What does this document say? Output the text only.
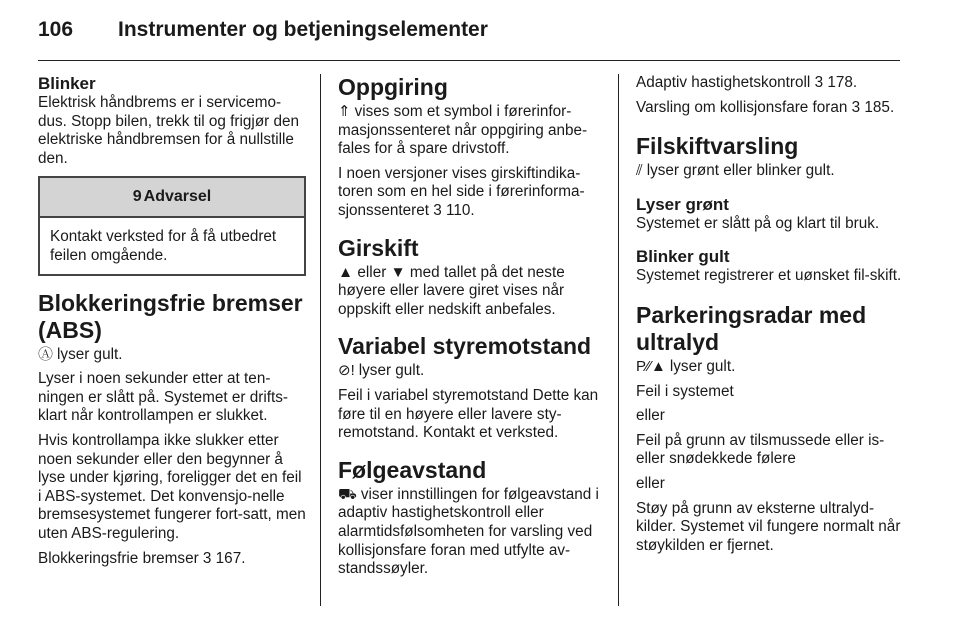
106 Instrumenter og betjeningselementer
Blinker

Elektrisk håndbrems er i servicemo-dus. Stopp bilen, trekk til og frigjør den elektriske håndbremsen for å nullstille den.

9 Advarsel

Kontakt verksted for å få utbedret feilen omgående.

Blokkeringsfrie bremser (ABS)

Ⓐ lyser gult.

Lyser i noen sekunder etter at ten-ningen er slått på. Systemet er drifts-klart når kontrollampen er slukket.

Hvis kontrollampa ikke slukker etter noen sekunder eller den begynner å lyse under kjøring, foreligger det en feil i ABS-systemet. Det konvensjo-nelle bremsesystemet fungerer fort-satt, men uten ABS-regulering.

Blokkeringsfrie bremser 3 167.

Oppgiring

⇑ vises som et symbol i førerinfor-masjonssenteret når oppgiring anbe-fales for å spare drivstoff.

I noen versjoner vises girskiftindika-toren som en hel side i førerinforma-sjonssenteret 3 110.

Girskift

▲ eller ▼ med tallet på det neste høyere eller lavere giret vises når oppskift eller nedskift anbefales.

Variabel styremotstand

⊘! lyser gult.

Feil i variabel styremotstand Dette kan føre til en høyere eller lavere sty-remotstand. Kontakt et verksted.

Følgeavstand

⛟ viser innstillingen for følgeavstand i adaptiv hastighetskontroll eller alarmtidsfølsomheten for varsling ved kollisjonsfare foran med utfylte av-standssøyler.

Adaptiv hastighetskontroll 3 178.

Varsling om kollisjonsfare foran 3 185.

Filskiftvarsling

⫽ lyser grønt eller blinker gult.

Lyser grønt

Systemet er slått på og klart til bruk.

Blinker gult

Systemet registrerer et uønsket fil-skift.

Parkeringsradar med ultralyd

P⁄⁄▲ lyser gult.

Feil i systemet

eller

Feil på grunn av tilsmussede eller is- eller snødekkede følere

eller

Støy på grunn av eksterne ultralyd-kilder. Systemet vil fungere normalt når støykilden er fjernet.
